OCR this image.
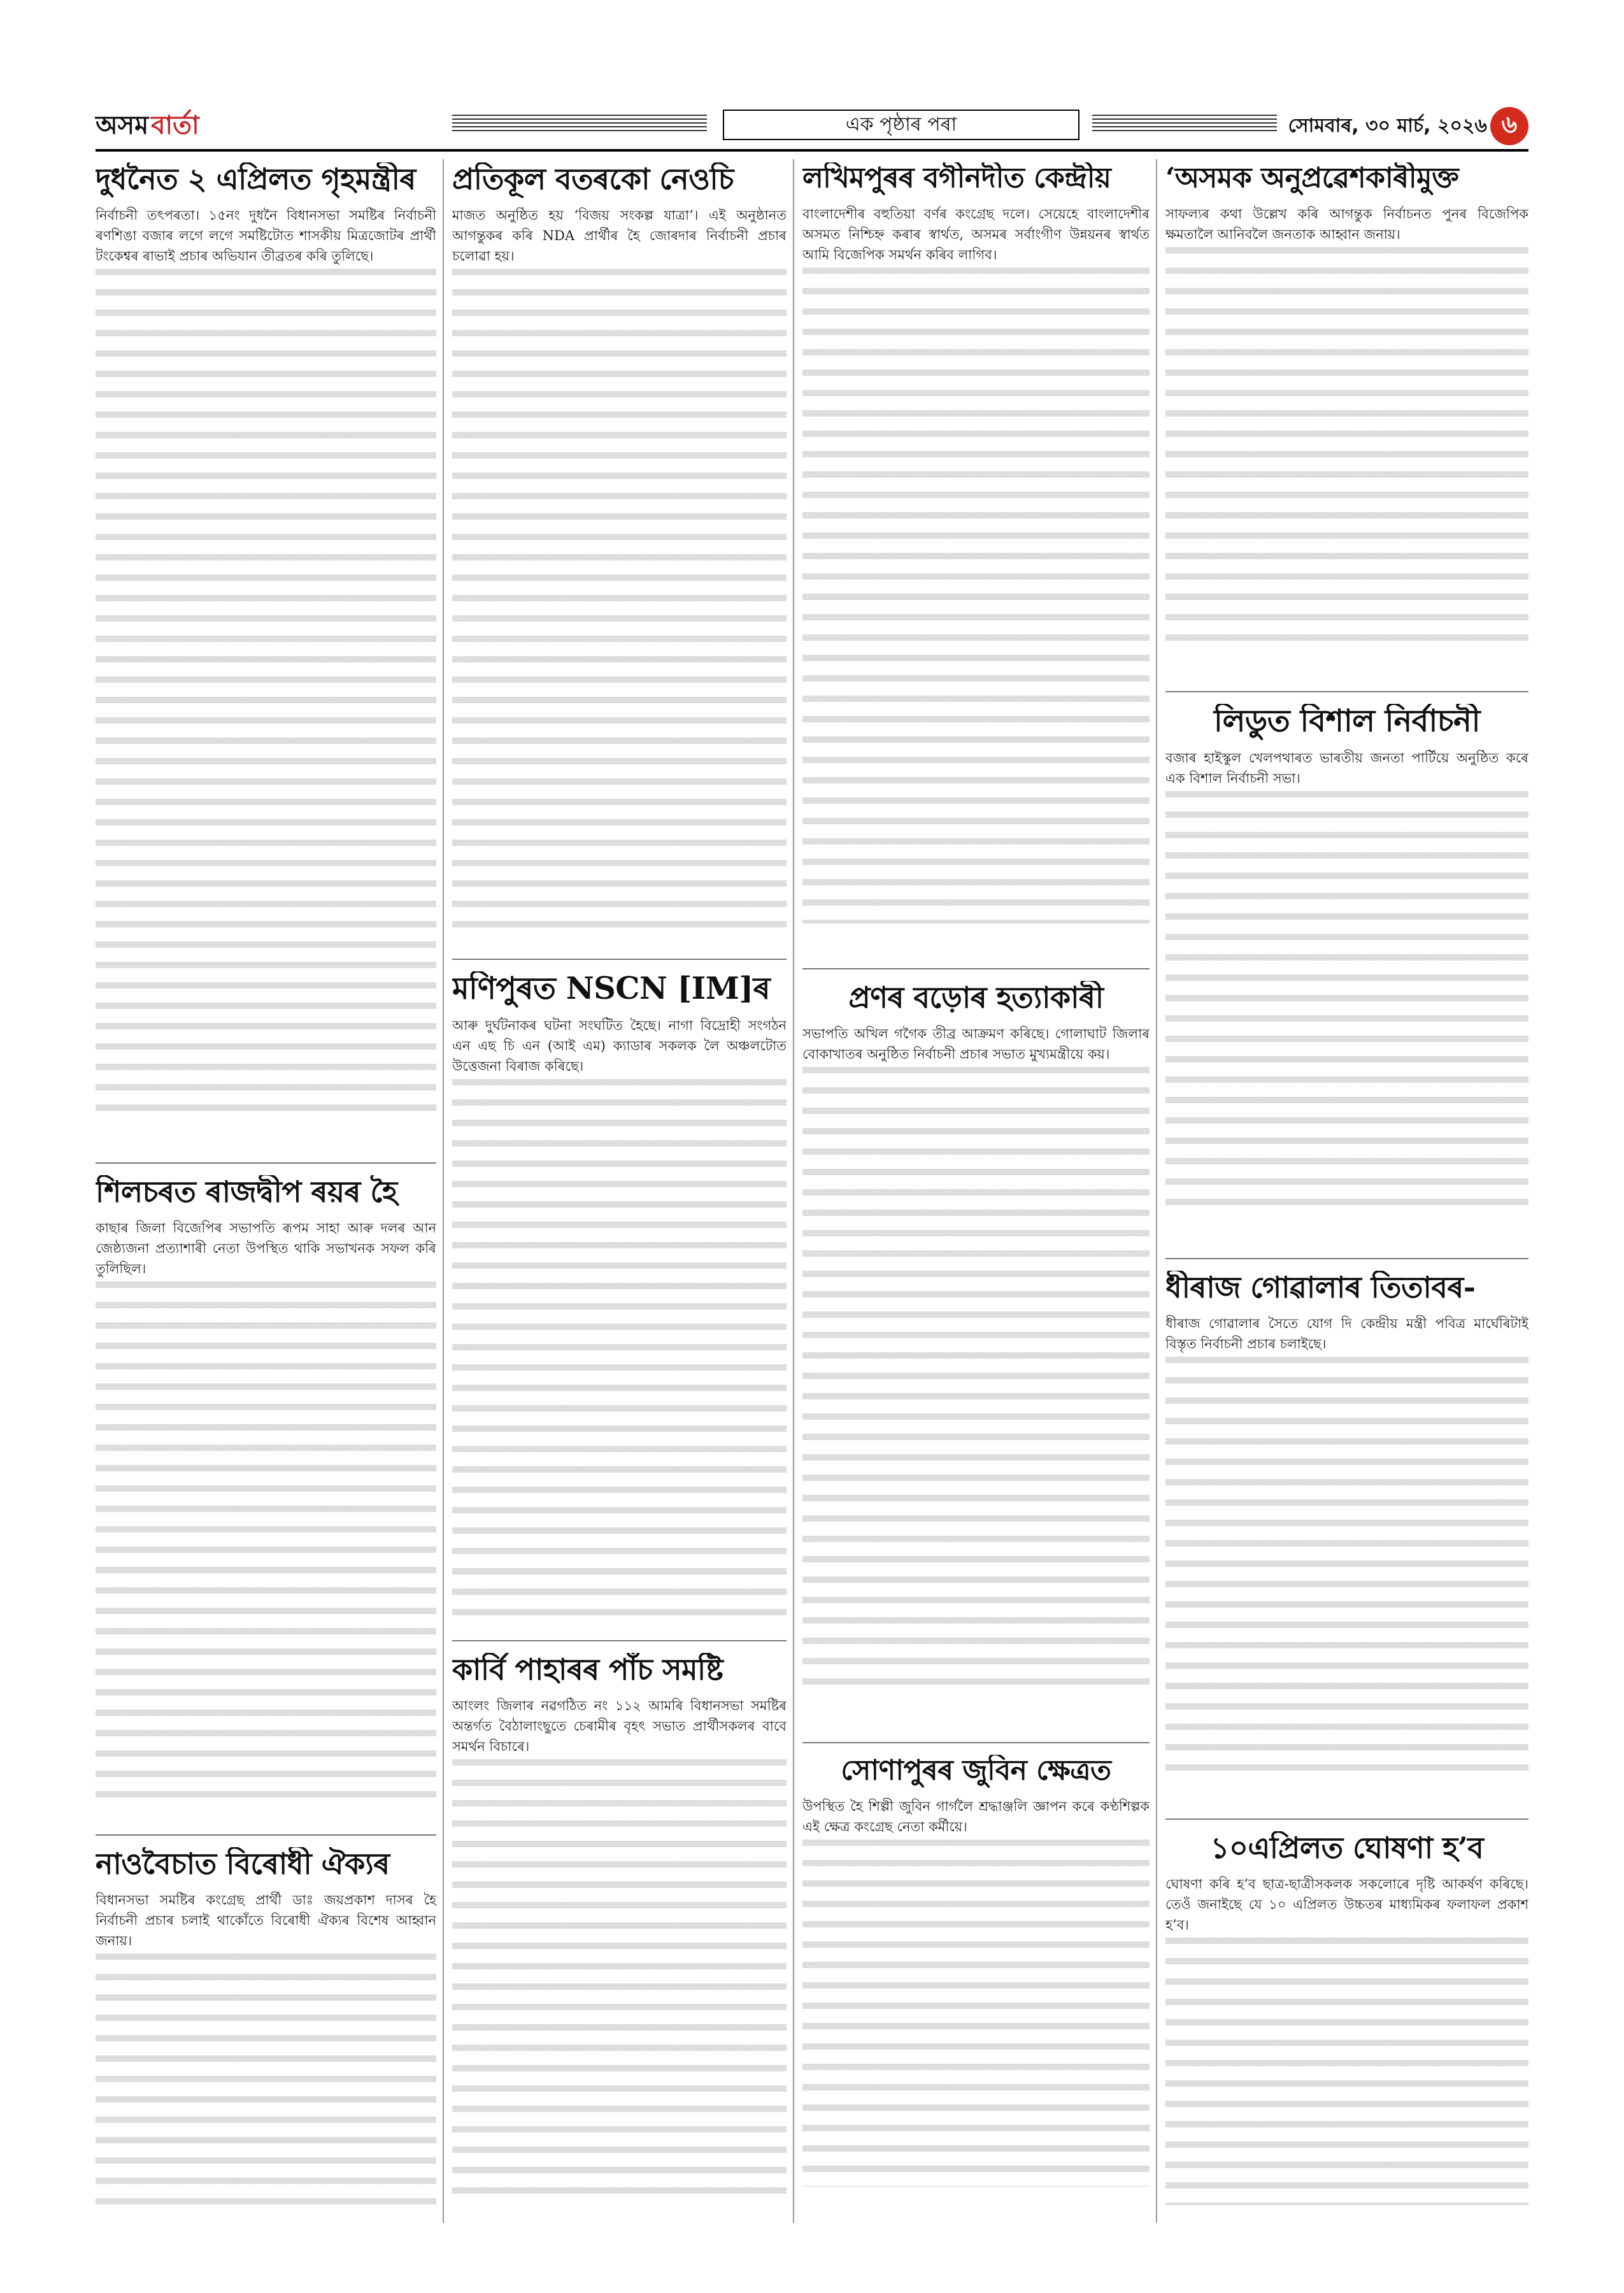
অসম বাৰ্তা	এক পৃষ্ঠাৰ পৰা	সোমবাৰ, ৩০ মাৰ্চ, ২০২৬ ৬
দুধনৈত ২ এপ্ৰিলত গৃহমন্ত্ৰীৰ

নিৰ্বাচনী তৎপৰতা। ১৫নং দুধনৈ বিধানসভা সমষ্টিৰ নিৰ্বাচনী ৰণশিঙা বজাৰ লগে লগে সমষ্টিটোত শাসকীয় মিত্ৰজোটৰ প্ৰাৰ্থী টংকেশ্বৰ ৰাভাই প্ৰচাৰ অভিযান তীব্ৰতৰ কৰি তুলিছে।

শিলচৰত ৰাজদ্বীপ ৰয়ৰ হৈ

কাছাৰ জিলা বিজেপিৰ সভাপতি ৰূপম সাহা আৰু দলৰ আন জেষ্ঠ্যজনা প্ৰত্যাশাৰী নেতা উপস্থিত থাকি সভাখনক সফল কৰি তুলিছিল।

নাওবৈচাত বিৰোধী ঐক্যৰ

বিধানসভা সমষ্টিৰ কংগ্ৰেছ প্ৰাৰ্থী ডাঃ জয়প্ৰকাশ দাসৰ হৈ নিৰ্বাচনী প্ৰচাৰ চলাই থাকোঁতে বিৰোধী ঐক্যৰ বিশেষ আহ্বান জনায়।

প্ৰতিকূল বতৰকো নেওচি

মাজত অনুষ্ঠিত হয় ‘বিজয় সংকল্প যাত্ৰা’। এই অনুষ্ঠানত আগন্তুকৰ কৰি NDA প্ৰাৰ্থীৰ হৈ জোৰদাৰ নিৰ্বাচনী প্ৰচাৰ চলোৱা হয়।

মণিপুৰত NSCN [IM]ৰ

আৰু দুৰ্ঘটনাকৰ ঘটনা সংঘটিত হৈছে। নাগা বিদ্ৰোহী সংগঠন এন এছ চি এন (আই এম) ক্যাডাৰ সকলক লৈ অঞ্চলটোত উত্তেজনা বিৰাজ কৰিছে।

কাৰ্বি পাহাৰৰ পাঁচ সমষ্টি

আংলং জিলাৰ নৱগঠিত নং ১১২ আমৰি বিধানসভা সমষ্টিৰ অন্তৰ্গত বৈঠালাংছুতে চেৰামীৰ বৃহৎ সভাত প্ৰাৰ্থীসকলৰ বাবে সমৰ্থন বিচাৰে।

লখিমপুৰৰ বগীনদীত কেন্দ্ৰীয়

বাংলাদেশীৰ বহুতিয়া বৰ্ণৰ কংগ্ৰেছ দলে। সেয়েহে বাংলাদেশীৰ অসমত নিশ্চিহ্ন কৰাৰ স্বাৰ্থত, অসমৰ সৰ্বাংগীণ উন্নয়নৰ স্বাৰ্থত আমি বিজেপিক সমৰ্থন কৰিব লাগিব।

প্ৰণৰ বড়োৰ হত্যাকাৰী

সভাপতি অখিল গগৈক তীব্ৰ আক্ৰমণ কৰিছে। গোলাঘাট জিলাৰ বোকাখাতৰ অনুষ্ঠিত নিৰ্বাচনী প্ৰচাৰ সভাত মুখ্যমন্ত্ৰীয়ে কয়।

সোণাপুৰৰ জুবিন ক্ষেত্ৰত

উপস্থিত হৈ শিল্পী জুবিন গাৰ্গলৈ শ্ৰদ্ধাঞ্জলি জ্ঞাপন কৰে কণ্ঠশিল্পক এই ক্ষেত্ৰ কংগ্ৰেছ নেতা কৰ্মীয়ে।

‘অসমক অনুপ্ৰৱেশকাৰীমুক্ত

সাফল্যৰ কথা উল্লেখ কৰি আগন্তুক নিৰ্বাচনত পুনৰ বিজেপিক ক্ষমতালৈ আনিবলৈ জনতাক আহ্বান জনায়।

লিডুত বিশাল নিৰ্বাচনী

বজাৰ হাইস্কুল খেলপথাৰত ভাৰতীয় জনতা পাৰ্টিয়ে অনুষ্ঠিত কৰে এক বিশাল নিৰ্বাচনী সভা।

ধীৰাজ গোৱালাৰ তিতাবৰ-

ধীৰাজ গোৱালাৰ সৈতে যোগ দি কেন্দ্ৰীয় মন্ত্ৰী পবিত্ৰ মাৰ্ঘেৰিটাই বিস্তৃত নিৰ্বাচনী প্ৰচাৰ চলাইছে।

১০এপ্ৰিলত ঘোষণা হ’ব

ঘোষণা কৰি হ’ব ছাত্ৰ-ছাত্ৰীসকলক সকলোৰে দৃষ্টি আকৰ্ষণ কৰিছে। তেওঁ জনাইছে যে ১০ এপ্ৰিলত উচ্চতৰ মাধ্যমিকৰ ফলাফল প্ৰকাশ হ’ব।
